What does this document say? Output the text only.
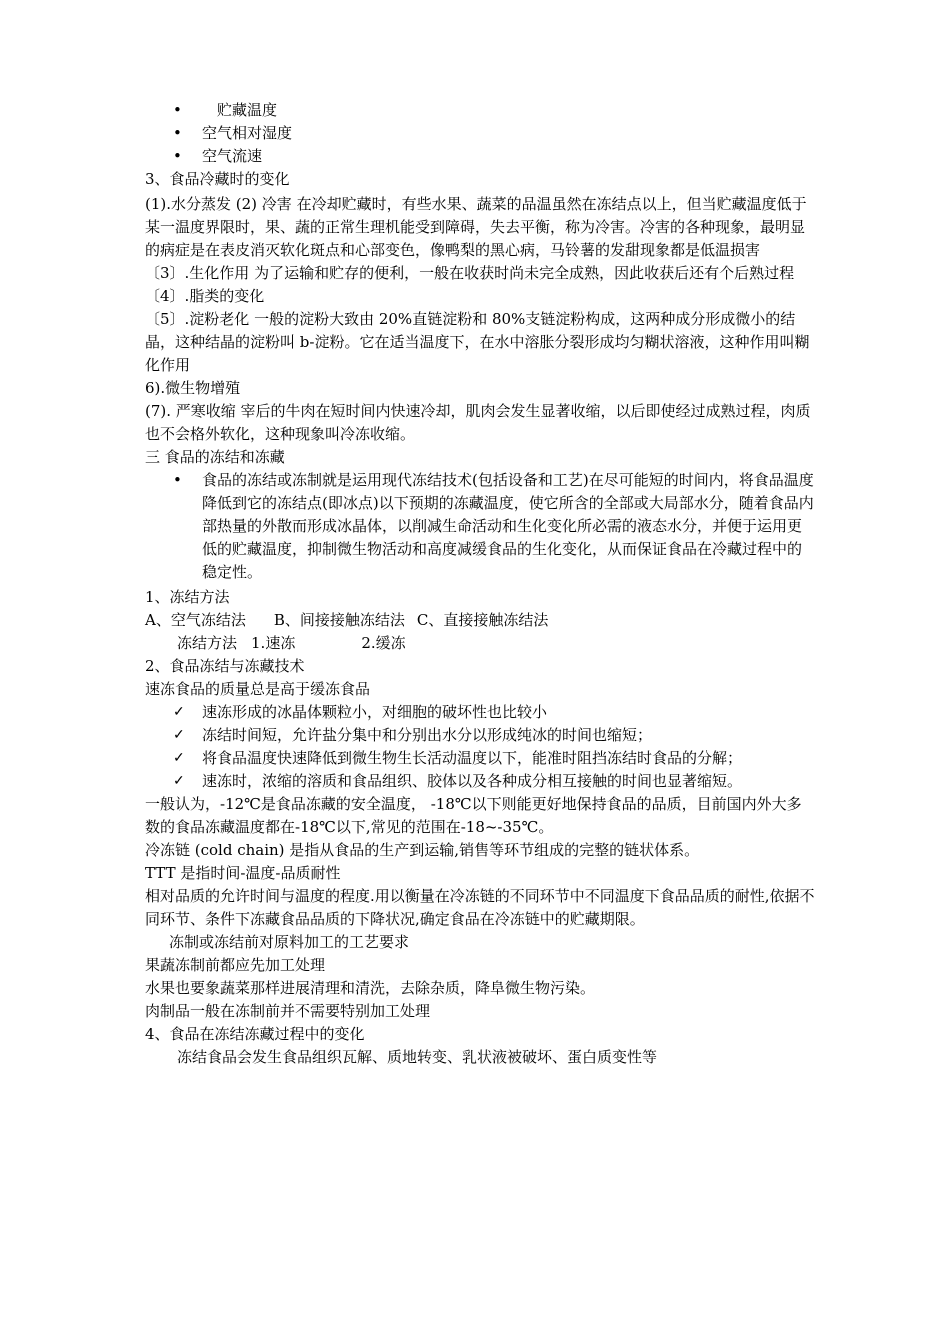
•	贮藏温度
•	空气相对湿度
•	空气流速
3、食品冷藏时的变化
(1).水分蒸发 (2) 冷害 在冷却贮藏时，有些水果、蔬菜的品温虽然在冻结点以上，但当贮藏温度低于某一温度界限时，果、蔬的正常生理机能受到障碍，失去平衡，称为冷害。冷害的各种现象，最明显的病症是在表皮消灭软化斑点和心部变色，像鸭梨的黑心病，马铃薯的发甜现象都是低温损害
〔3〕.生化作用 为了运输和贮存的便利，一般在收获时尚未完全成熟，因此收获后还有个后熟过程
〔4〕.脂类的变化
〔5〕.淀粉老化 一般的淀粉大致由 20%直链淀粉和 80%支链淀粉构成，这两种成分形成微小的结晶，这种结晶的淀粉叫 b-淀粉。它在适当温度下，在水中溶胀分裂形成均匀糊状溶液，这种作用叫糊化作用
6).微生物增殖
(7). 严寒收缩 宰后的牛肉在短时间内快速冷却，肌肉会发生显著收缩，以后即使经过成熟过程，肉质也不会格外软化，这种现象叫冷冻收缩。
三 食品的冻结和冻藏
•	食品的冻结或冻制就是运用现代冻结技术(包括设备和工艺)在尽可能短的时间内，将食品温度降低到它的冻结点(即冰点)以下预期的冻藏温度，使它所含的全部或大局部水分，随着食品内部热量的外散而形成冰晶体，以削减生命活动和生化变化所必需的液态水分，并便于运用更低的贮藏温度，抑制微生物活动和高度减缓食品的生化变化，从而保证食品在冷藏过程中的稳定性。
1、冻结方法
A、空气冻结法 B、间接接触冻结法 C、直接接触冻结法
冻结方法 1.速冻	2.缓冻
2、食品冻结与冻藏技术
速冻食品的质量总是高于缓冻食品
✓	速冻形成的冰晶体颗粒小，对细胞的破坏性也比较小
✓	冻结时间短，允许盐分集中和分别出水分以形成纯冰的时间也缩短；
✓	将食品温度快速降低到微生物生长活动温度以下，能准时阻挡冻结时食品的分解；
✓	速冻时，浓缩的溶质和食品组织、胶体以及各种成分相互接触的时间也显著缩短。
一般认为，-12℃是食品冻藏的安全温度， -18℃以下则能更好地保持食品的品质，目前国内外大多数的食品冻藏温度都在-18℃以下,常见的范围在-18~-35℃。
冷冻链 (cold chain) 是指从食品的生产到运输,销售等环节组成的完整的链状体系。
TTT 是指时间-温度-品质耐性
相对品质的允许时间与温度的程度.用以衡量在冷冻链的不同环节中不同温度下食品品质的耐性,依据不同环节、条件下冻藏食品品质的下降状况,确定食品在冷冻链中的贮藏期限。
冻制或冻结前对原料加工的工艺要求
果蔬冻制前都应先加工处理
水果也要象蔬菜那样进展清理和清洗，去除杂质，降阜微生物污染。
肉制品一般在冻制前并不需要特别加工处理
4、食品在冻结冻藏过程中的变化
冻结食品会发生食品组织瓦解、质地转变、乳状液被破坏、蛋白质变性等
